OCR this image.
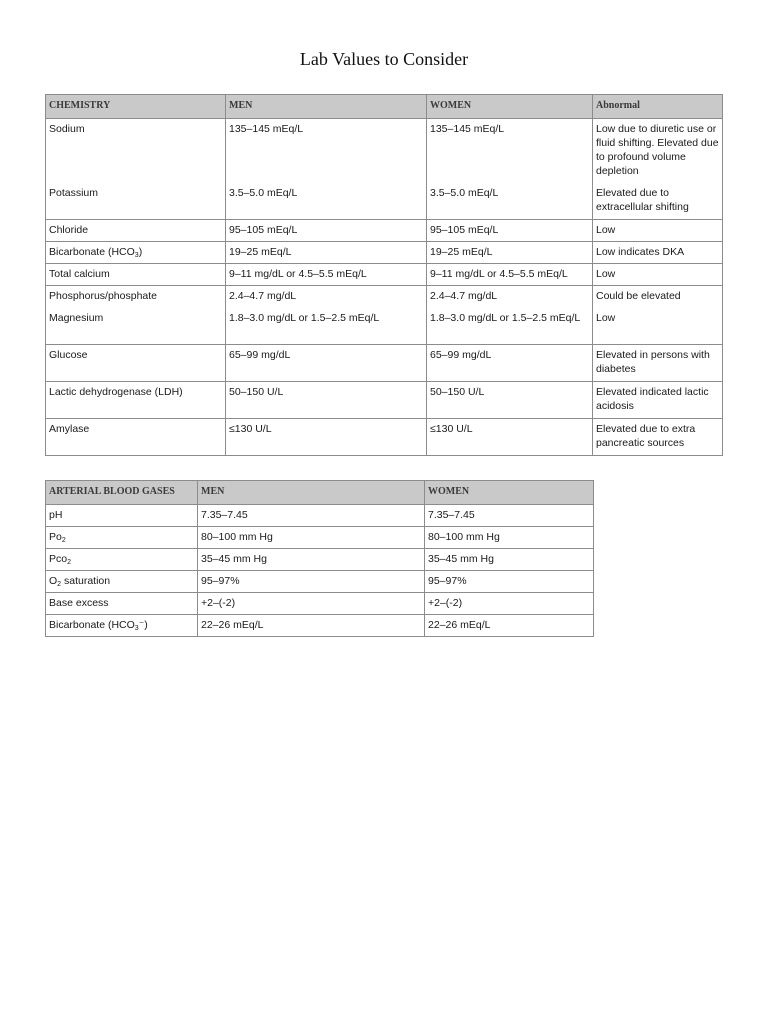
Lab Values to Consider
CHEMISTRY	MEN	WOMEN	Abnormal
Sodium	135–145 mEq/L	135–145 mEq/L	Low due to diuretic use or fluid shifting. Elevated due to profound volume depletion
Potassium	3.5–5.0 mEq/L	3.5–5.0 mEq/L	Elevated due to extracellular shifting
Chloride	95–105 mEq/L	95–105 mEq/L	Low
Bicarbonate $(HCO_3)$	19–25 mEq/L	19–25 mEq/L	Low indicates DKA
Total calcium	9–11 mg/dL or 4.5–5.5 mEq/L	9–11 mg/dL or 4.5–5.5 mEq/L	Low
Phosphorus/phosphate	2.4–4.7 mg/dL	2.4–4.7 mg/dL	Could be elevated
Magnesium	1.8–3.0 mg/dL or 1.5–2.5 mEq/L	1.8–3.0 mg/dL or 1.5–2.5 mEq/L	Low
Glucose	65–99 mg/dL	65–99 mg/dL	Elevated in persons with diabetes
Lactic dehydrogenase (LDH)	50–150 U/L	50–150 U/L	Elevated indicated lactic acidosis
Amylase	≤130 U/L	≤130 U/L	Elevated due to extra pancreatic sources
ARTERIAL BLOOD GASES	MEN	WOMEN
pH	7.35–7.45	7.35–7.45
$Po_2$	80–100 mm Hg	80–100 mm Hg
Pco$_2$	35–45 mm Hg	35–45 mm Hg
$O_2$ saturation	95–97%	95–97%
Base excess	+2–(-2)	+2–(-2)
Bicarbonate $(HCO_3^-)$	22–26 mEq/L	22–26 mEq/L
